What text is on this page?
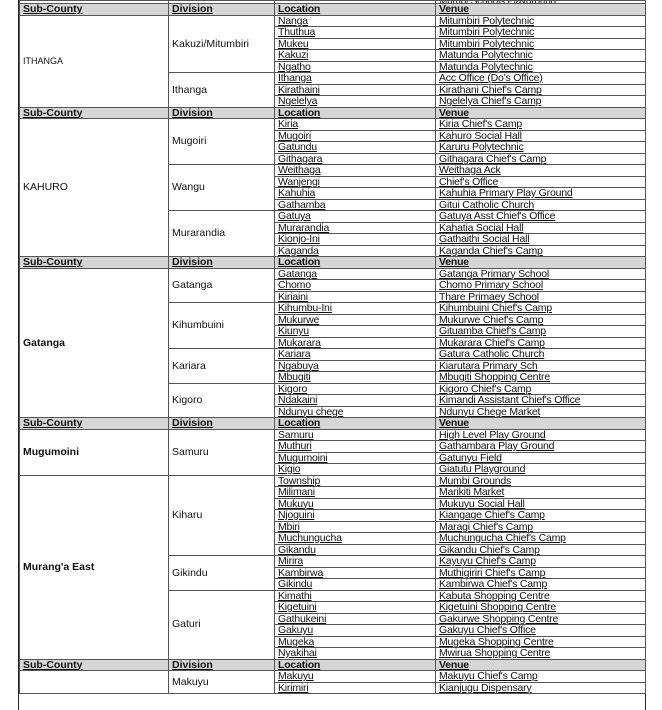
Sub-County	Division	Location	Venue
ITHANGA	Kakuzi/Mitumbiri	Nanga	Mitumbiri Polytechnic
		Thuthua	Mitumbiri Polytechnic
		Mukeu	Mitumbiri Polytechnic
		Kakuzi	Matunda Polytechnic
		Ngatho	Matunda Polytechnic
	Ithanga	Ithanga	Acc Office (Do's Office)
		Kirathaini	Kirathani Chief's Camp
		Ngelelya	Ngelelya Chief's Camp
Sub-County	Division	Location	Venue
KAHURO	Mugoiri	Kiria	Kiria Chief's Camp
		Mugoiri	Kahuro Social Hall
		Gatundu	Karuru Polytechnic
		Githagara	Githagara Chief's Camp
	Wangu	Weithaga	Weithaga Ack
		Wanjengi	Chief's Office
		Kahuhia	Kahuhia Primary Play Ground
		Gathamba	Gitui Catholic Church
	Murarandia	Gatuya	Gatuya Asst Chief's Office
		Murarandia	Kahatia Social Hall
		Kionjo-Ini	Gathaithi Social Hall
		Kaganda	Kaganda Chief's Camp
Sub-County	Division	Location	Venue
Gatanga	Gatanga	Gatanga	Gatanga Primary School
		Chomo	Chomo Primary School
		Kiriaini	Thare Primaey School
	Kihumbuini	Kihumbu-Ini	Kihumbuini Chief's Camp
		Mukurwe	Mukurwe Chief's Camp
		Kiunyu	Gituamba Chief's Camp
		Mukarara	Mukarara Chief's Camp
	Kariara	Kariara	Gatura Catholic Church
		Ngabuya	Kiarutara Primary Sch
		Mbugiti	Mbugiti Shopping Centre
	Kigoro	Kigoro	Kigoro Chief's Camp
		Ndakaini	Kimandi Assistant Chief's Office
		Ndunyu chege	Ndunyu Chege Market
Sub-County	Division	Location	Venue
Mugumoini	Samuru	Samuru	High Level Play Ground
		Muthuri	Gathambara Play Ground
		Mugumoini	Gatunyu Field
		Kigio	Giatutu Playground
Murang'a East	Kiharu	Township	Mumbi Grounds
		Milimani	Marikiti Market
		Mukuyu	Mukuyu Social Hall
		Njoguini	Kiangage Chief's Camp
		Mbiri	Maragi Chief's Camp
		Muchungucha	Muchungucha Chief's Camp
		Gikandu	Gikandu Chief's Camp
	Gikindu	Mirira	Kayuyu Chief's Camp
		Kambirwa	Muthigiriri Chief's Camp
		Gikindu	Kambirwa Chief's Camp
	Gaturi	Kimathi	Kabuta Shopping Centre
		Kigetuini	Kigetuini Shopping Centre
		Gathukeini	Gakurwe Shopping Centre
		Gakuyu	Gakuyu Chief's Office
		Mugeka	Mugeka Shopping Centre
		Nyakihai	Mwirua Shopping Centre
Sub-County	Division	Location	Venue
	Makuyu	Makuyu	Makuyu Chief's Camp
		Kirimiri	Kianjugu Dispensary
